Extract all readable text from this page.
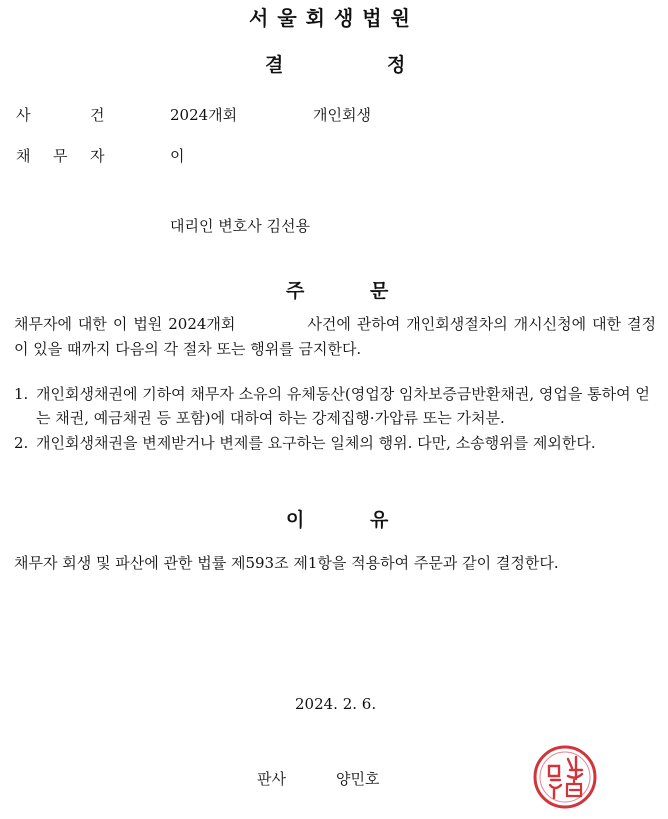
서울회생법원
결	정
사	건	2024개회	개인회생
채 무 자	이
대리인 변호사 김선용
주	문
채무자에 대한 이 법원 2024개회	사건에 관하여 개인회생절차의 개시신청에 대한 결정이 있을 때까지 다음의 각 절차 또는 행위를 금지한다.
1. 개인회생채권에 기하여 채무자 소유의 유체동산(영업장 임차보증금반환채권, 영업을 통하여 얻는 채권, 예금채권 등 포함)에 대하여 하는 강제집행·가압류 또는 가처분.
2. 개인회생채권을 변제받거나 변제를 요구하는 일체의 행위. 다만, 소송행위를 제외한다.
이	유
채무자 회생 및 파산에 관한 법률 제593조 제1항을 적용하여 주문과 같이 결정한다.
2024. 2. 6.
판사	양민호
